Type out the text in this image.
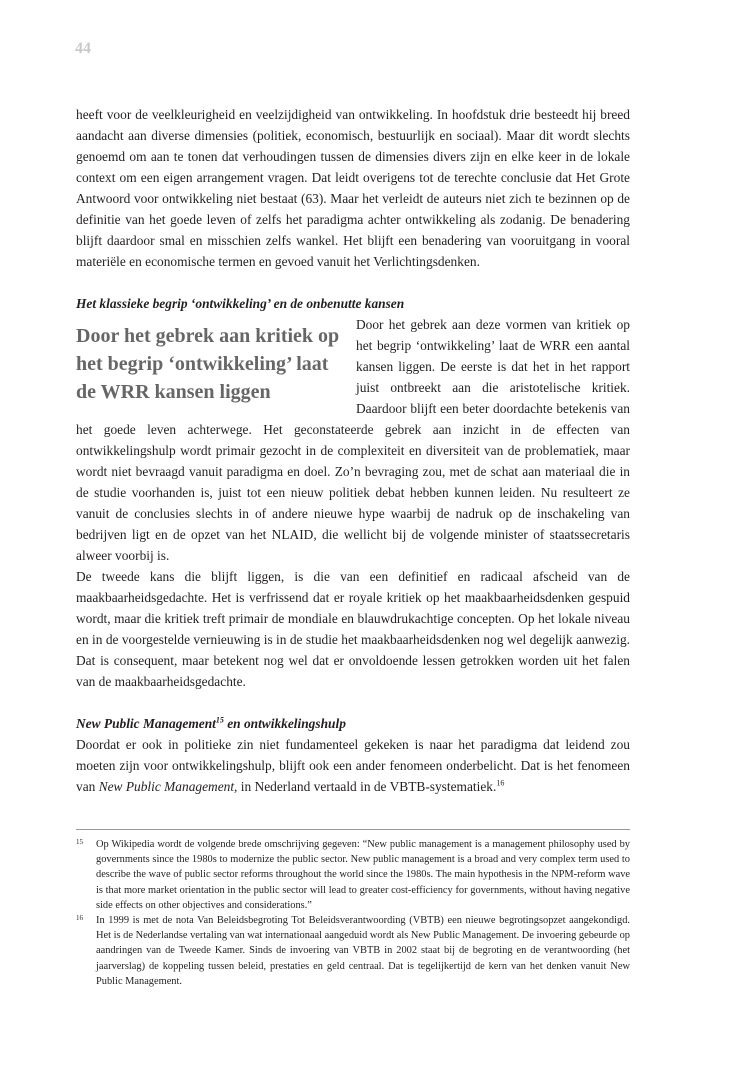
44

heeft voor de veelkleurigheid en veelzijdigheid van ontwikkeling. In hoofdstuk drie besteedt hij breed aandacht aan diverse dimensies (politiek, economisch, bestuurlijk en sociaal). Maar dit wordt slechts genoemd om aan te tonen dat verhoudingen tussen de dimensies divers zijn en elke keer in de lokale context om een eigen arrangement vragen. Dat leidt overigens tot de terechte conclusie dat Het Grote Antwoord voor ontwikkeling niet bestaat (63). Maar het verleidt de auteurs niet zich te bezinnen op de definitie van het goede leven of zelfs het paradigma achter ontwikkeling als zodanig. De benadering blijft daardoor smal en misschien zelfs wankel. Het blijft een benadering van vooruitgang in vooral materiële en economische termen en gevoed vanuit het Verlichtingsdenken.

Het klassieke begrip ‘ontwikkeling’ en de onbenutte kansen

Door het gebrek aan kritiek op het begrip ‘ontwikkeling’ laat de WRR kansen liggen
Door het gebrek aan deze vormen van kritiek op het begrip ‘ontwikkeling’ laat de WRR een aantal kansen liggen. De eerste is dat het in het rapport juist ontbreekt aan die aristotelische kritiek. Daardoor blijft een beter doordachte betekenis van het goede leven achterwege. Het geconstateerde gebrek aan inzicht in de effecten van ontwikkelingshulp wordt primair gezocht in de complexiteit en diversiteit van de problematiek, maar wordt niet bevraagd vanuit paradigma en doel. Zo’n bevraging zou, met de schat aan materiaal die in de studie voorhanden is, juist tot een nieuw politiek debat hebben kunnen leiden. Nu resulteert ze vanuit de conclusies slechts in of andere nieuwe hype waarbij de nadruk op de inschakeling van bedrijven ligt en de opzet van het NLAID, die wellicht bij de volgende minister of staatssecretaris alweer voorbij is.

De tweede kans die blijft liggen, is die van een definitief en radicaal afscheid van de maakbaarheidsgedachte. Het is verfrissend dat er royale kritiek op het maakbaarheidsdenken gespuid wordt, maar die kritiek treft primair de mondiale en blauwdrukachtige concepten. Op het lokale niveau en in de voorgestelde vernieuwing is in de studie het maakbaarheidsdenken nog wel degelijk aanwezig. Dat is consequent, maar betekent nog wel dat er onvoldoende lessen getrokken worden uit het falen van de maakbaarheidsgedachte.

New Public Management$^{15}$ en ontwikkelingshulp

Doordat er ook in politieke zin niet fundamenteel gekeken is naar het paradigma dat leidend zou moeten zijn voor ontwikkelingshulp, blijft ook een ander fenomeen onderbelicht. Dat is het fenomeen van New Public Management, in Nederland vertaald in de VBTB-systematiek.$^{16}$

15 Op Wikipedia wordt de volgende brede omschrijving gegeven: “New public management is a management philosophy used by governments since the 1980s to modernize the public sector. New public management is a broad and very complex term used to describe the wave of public sector reforms throughout the world since the 1980s. The main hypothesis in the NPM-reform wave is that more market orientation in the public sector will lead to greater cost-efficiency for governments, without having negative side effects on other objectives and considerations.”
16 In 1999 is met de nota Van Beleidsbegroting Tot Beleidsverantwoording (VBTB) een nieuwe begrotingsopzet aangekondigd. Het is de Nederlandse vertaling van wat internationaal aangeduid wordt als New Public Management. De invoering gebeurde op aandringen van de Tweede Kamer. Sinds de invoering van VBTB in 2002 staat bij de begroting en de verantwoording (het jaarverslag) de koppeling tussen beleid, prestaties en geld centraal. Dat is tegelijkertijd de kern van het denken vanuit New Public Management.
